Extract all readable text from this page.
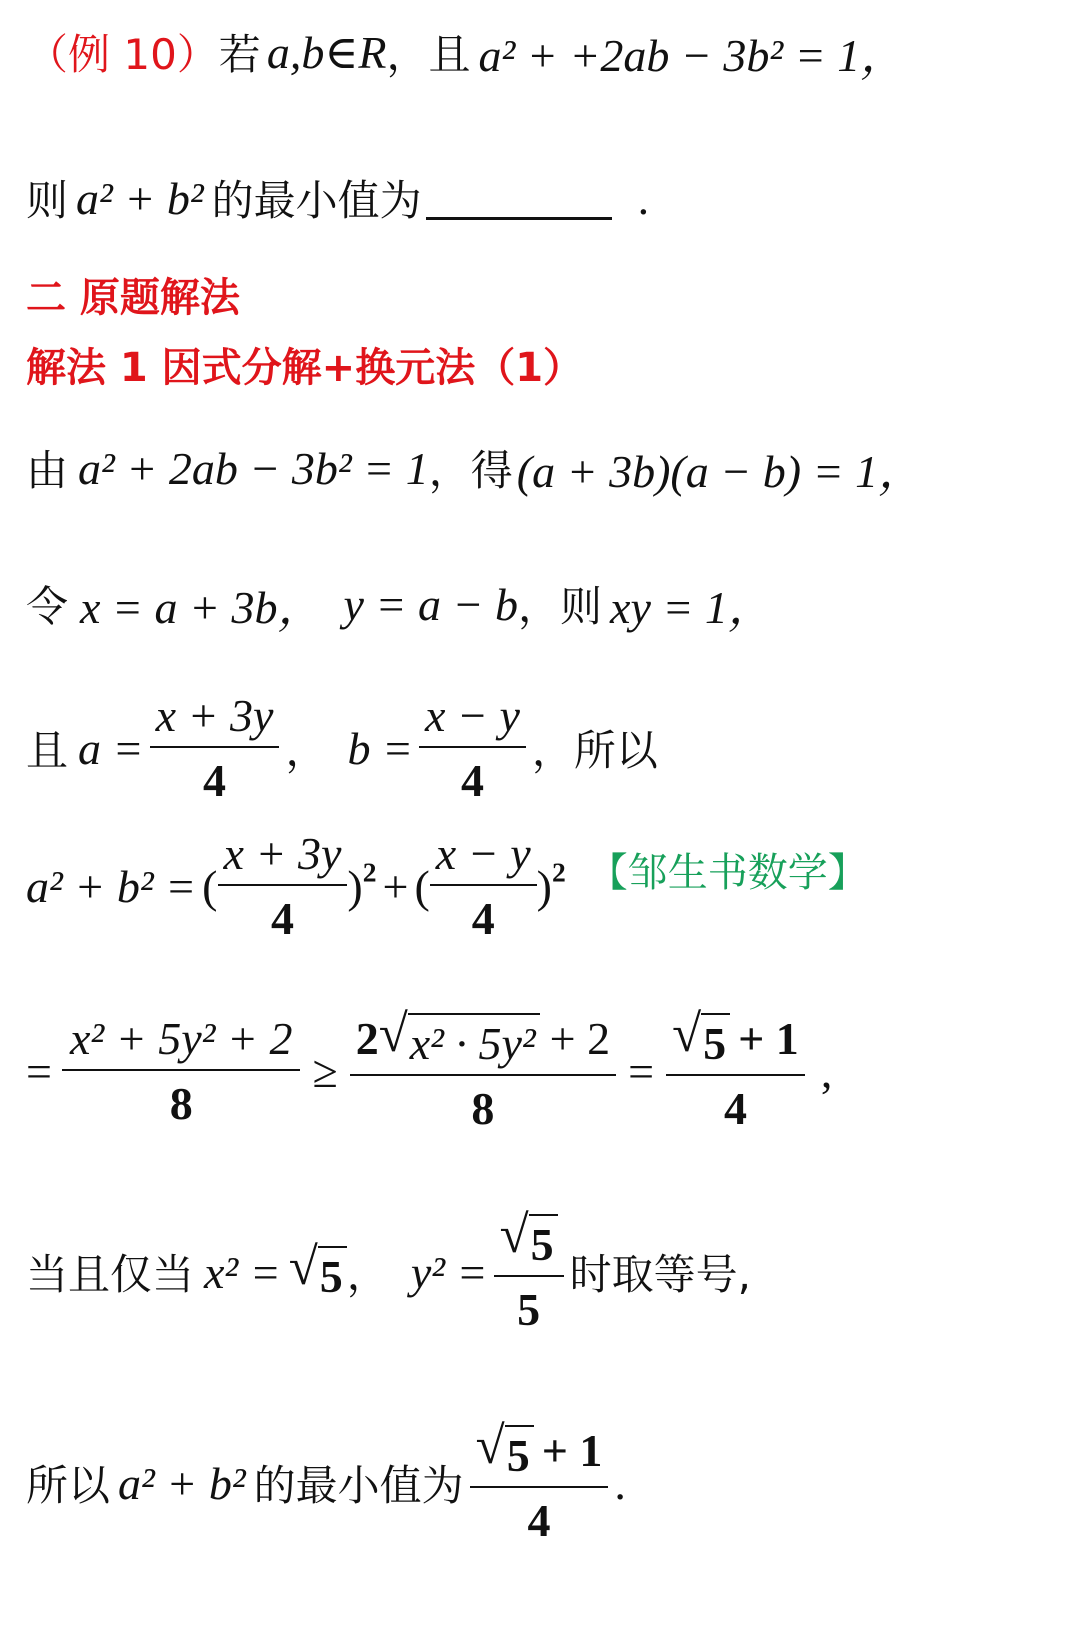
（例 10） 若 a,b∈R ，且 a² + +2ab − 3b² = 1，
则 a² + b² 的最小值为	.
二 原题解法
解法 1 因式分解+换元法（1）
由 a² + 2ab − 3b² = 1 ，得 (a + 3b)(a − b) = 1，
令 x = a + 3b， y = a − b ，则 xy = 1，
且 $a = \frac{x + 3y}{4}$ ， $b = \frac{x - y}{4}$ ，所以
a² + b² = ( $\frac{x + 3y}{4} )^2$ + ( $\frac{x - y}{4} )^2$ 【邹生书数学】
= $\frac{\text{x² + 5y² + 2}}{8} \ge \frac{\text{2 √ x² · 5y² + 2}}{8} = \frac{√ 5 + 1}{4}$ ,
当且仅当 x² = √ 5 ， $y^2 = \frac{√ 5}{5}$ 时取等号,
所以 a² + b² 的最小值为 $\frac{√ 5 + 1}{4}$ .
